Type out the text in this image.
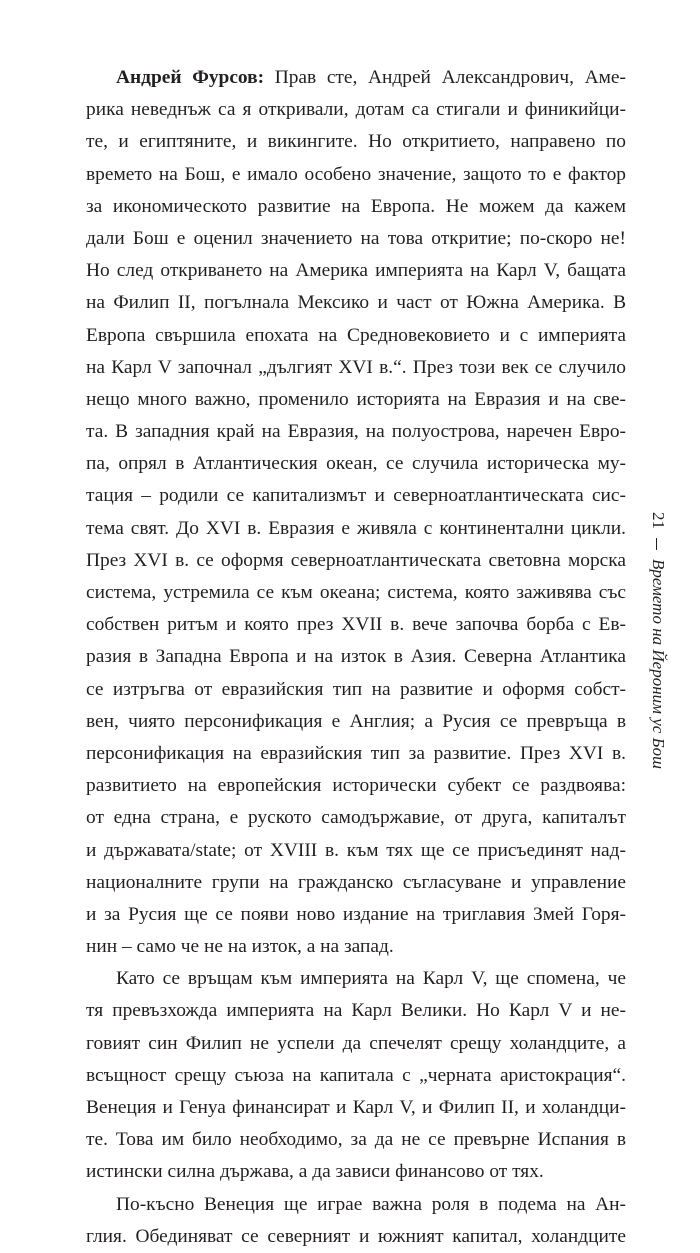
Андрей Фурсов: Прав сте, Андрей Александрович, Аме-
рика неведнъж са я откривали, дотам са стигали и финикийци-
те, и египтяните, и викингите. Но откритието, направено по
времето на Бош, е имало особено значение, защото то е фактор
за икономическото развитие на Европа. Не можем да кажем
дали Бош е оценил значението на това откритие; по-скоро не!
Но след откриването на Америка империята на Карл V, бащата
на Филип II, погълнала Мексико и част от Южна Америка. В
Европа свършила епохата на Средновековието и с империята
на Карл V започнал „дългият XVI в.“. През този век се случило
нещо много важно, променило историята на Евразия и на све-
та. В западния край на Евразия, на полуострова, наречен Евро-
па, опрял в Атлантическия океан, се случила историческа му-
тация – родили се капитализмът и северноатлантическата сис-
тема свят. До XVI в. Евразия е живяла с континентални цикли.
През XVI в. се оформя северноатлантическата световна морска
система, устремила се към океана; система, която заживява със
собствен ритъм и която през XVII в. вече започва борба с Ев-
разия в Западна Европа и на изток в Азия. Северна Атлантика
се изтръгва от евразийския тип на развитие и оформя собст-
вен, чиято персонификация е Англия; а Русия се превръща в
персонификация на евразийския тип за развитие. През XVI в.
развитието на европейския исторически субект се раздвоява:
от една страна, е руското самодържавие, от друга, капиталът
и държавата/state; от XVIII в. към тях ще се присъединят над-
националните групи на гражданско съгласуване и управление
и за Русия ще се появи ново издание на триглавия Змей Горя-
нин – само че не на изток, а на запад.
Като се връщам към империята на Карл V, ще спомена, че
тя превъзхожда империята на Карл Велики. Но Карл V и не-
говият син Филип не успели да спечелят срещу холандците, а
всъщност срещу съюза на капитала с „черната аристокрация“.
Венеция и Генуа финансират и Карл V, и Филип II, и холандци-
те. Това им било необходимо, за да не се превърне Испания в
истински силна държава, а да зависи финансово от тях.
По-късно Венеция ще играе важна роля в подема на Ан-
глия. Обединяват се северният и южният капитал, холандците
21
Времето на Йероним ус Бош
